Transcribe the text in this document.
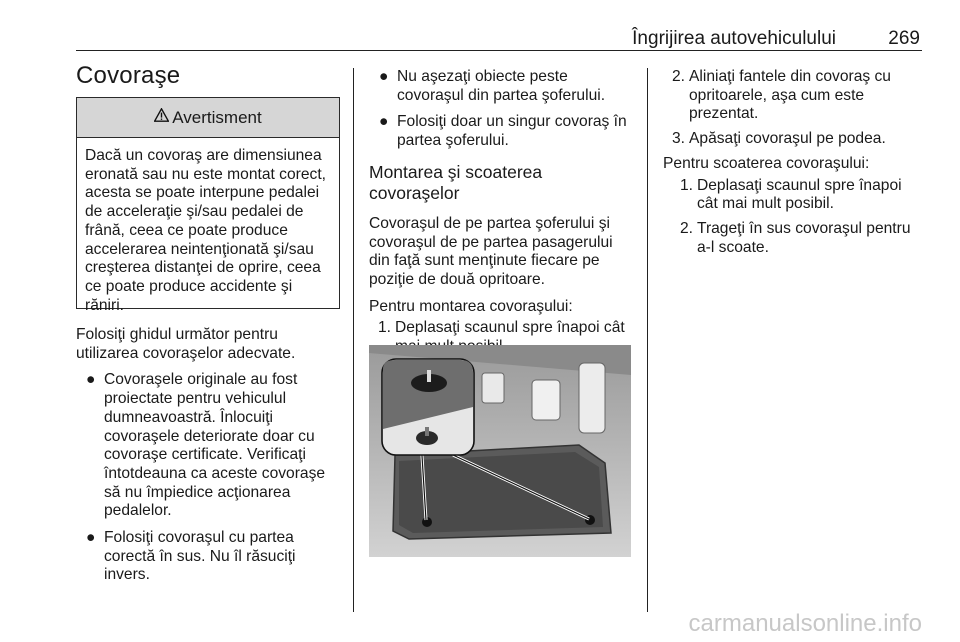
Îngrijirea autovehiculului	269
Covoraşe
Avertisment
Dacă un covoraş are dimensiunea eronată sau nu este montat corect, acesta se poate interpune pedalei de acceleraţie şi/sau pedalei de frână, ceea ce poate produce accelerarea neintenţionată şi/sau creşterea distanţei de oprire, ceea ce poate produce accidente şi răniri.

Folosiţi ghidul următor pentru utilizarea covoraşelor adecvate.

● Covoraşele originale au fost proiectate pentru vehiculul dumneavoastră. Înlocuiţi covoraşele deteriorate doar cu covoraşe certificate. Verificaţi întotdeauna ca aceste covoraşe să nu împiedice acţionarea pedalelor.
● Folosiţi covoraşul cu partea corectă în sus. Nu îl răsuciţi invers.
● Nu aşezaţi obiecte peste covoraşul din partea şoferului.
● Folosiţi doar un singur covoraş în partea şoferului.
Montarea şi scoaterea covoraşelor

Covoraşul de pe partea şoferului şi covoraşul de pe partea pasagerului din faţă sunt menţinute fiecare pe poziţie de două opritoare.

Pentru montarea covoraşului:

1. Deplasaţi scaunul spre înapoi cât
2. Aliniaţi fantele din covoraş cu opritoarele, aşa cum este prezentat.
3. Apăsaţi covoraşul pe podea.

Pentru scoaterea covoraşului:

1. Deplasaţi scaunul spre înapoi cât mai mult posibil.
2. Trageţi în sus covoraşul pentru a-l scoate.
carmanualsonline.info
